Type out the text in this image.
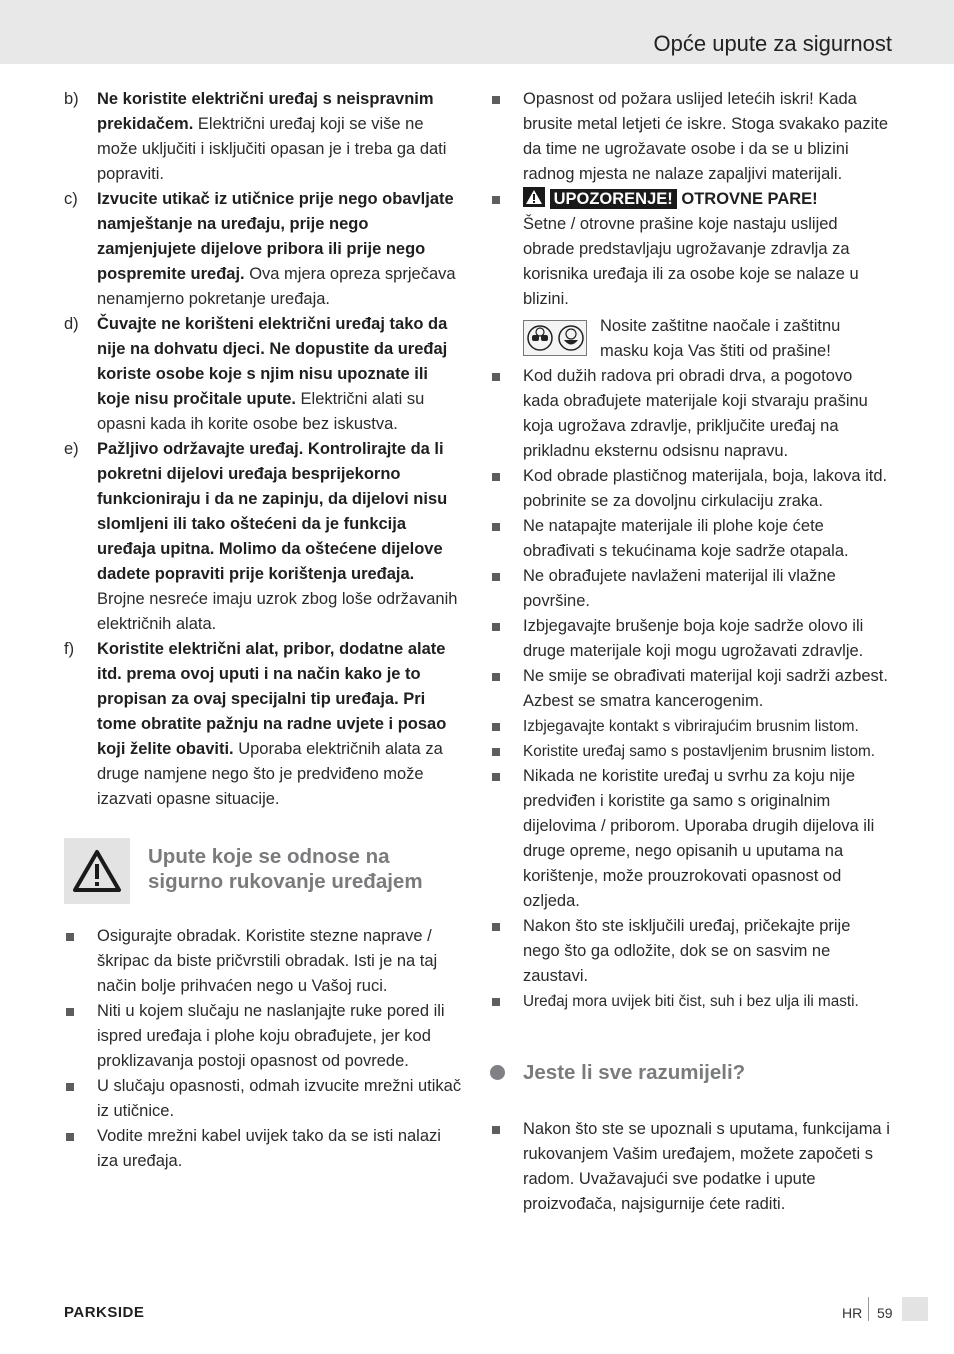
Opće upute za sigurnost
b) Ne koristite električni uređaj s neispravnim prekidačem. Električni uređaj koji se više ne može uključiti i isključiti opasan je i treba ga dati popraviti.
c) Izvucite utikač iz utičnice prije nego obavljate namještanje na uređaju, prije nego zamjenjujete dijelove pribora ili prije nego pospremite uređaj. Ova mjera opreza sprječava nenamjerno pokretanje uređaja.
d) Čuvajte ne korišteni električni uređaj tako da nije na dohvatu djeci. Ne dopustite da uređaj koriste osobe koje s njim nisu upoznate ili koje nisu pročitale upute. Električni alati su opasni kada ih korite osobe bez iskustva.
e) Pažljivo održavajte uređaj. Kontrolirajte da li pokretni dijelovi uređaja besprijekorno funkcioniraju i da ne zapinju, da dijelovi nisu slomljeni ili tako oštećeni da je funkcija uređaja upitna. Molimo da oštećene dijelove dadete popraviti prije korištenja uređaja. Brojne nesreće imaju uzrok zbog loše održavanih električnih alata.
f) Koristite električni alat, pribor, dodatne alate itd. prema ovoj uputi i na način kako je to propisan za ovaj specijalni tip uređaja. Pri tome obratite pažnju na radne uvjete i posao koji želite obaviti. Uporaba električnih alata za druge namjene nego što je predviđeno može izazvati opasne situacije.
Upute koje se odnose na sigurno rukovanje uređajem
Osigurajte obradak. Koristite stezne naprave / škripac da biste pričvrstili obradak. Isti je na taj način bolje prihvaćen nego u Vašoj ruci.
Niti u kojem slučaju ne naslanjajte ruke pored ili ispred uređaja i plohe koju obrađujete, jer kod proklizavanja postoji opasnost od povrede.
U slučaju opasnosti, odmah izvucite mrežni utikač iz utičnice.
Vodite mrežni kabel uvijek tako da se isti nalazi iza uređaja.
Opasnost od požara uslijed letećih iskri! Kada brusite metal letjeti će iskre. Stoga svakako pazite da time ne ugrožavate osobe i da se u blizini radnog mjesta ne nalaze zapaljivi materijali.
UPOZORENJE! OTROVNE PARE!
Šetne / otrovne prašine koje nastaju uslijed obrade predstavljaju ugrožavanje zdravlja za korisnika uređaja ili za osobe koje se nalaze u blizini.
Nosite zaštitne naočale i zaštitnu masku koja Vas štiti od prašine!
Kod dužih radova pri obradi drva, a pogotovo kada obrađujete materijale koji stvaraju prašinu koja ugrožava zdravlje, priključite uređaj na prikladnu eksternu odsisnu napravu.
Kod obrade plastičnog materijala, boja, lakova itd. pobrinite se za dovoljnu cirkulaciju zraka.
Ne natapajte materijale ili plohe koje ćete obrađivati s tekućinama koje sadrže otapala.
Ne obrađujete navlaženi materijal ili vlažne površine.
Izbjegavajte brušenje boja koje sadrže olovo ili druge materijale koji mogu ugrožavati zdravlje.
Ne smije se obrađivati materijal koji sadrži azbest. Azbest se smatra kancerogenim.
Izbjegavajte kontakt s vibrirajućim brusnim listom.
Koristite uređaj samo s postavljenim brusnim listom.
Nikada ne koristite uređaj u svrhu za koju nije predviđen i koristite ga samo s originalnim dijelovima / priborom. Uporaba drugih dijelova ili druge opreme, nego opisanih u uputama na korištenje, može prouzrokovati opasnost od ozljeda.
Nakon što ste isključili uređaj, pričekajte prije nego što ga odložite, dok se on sasvim ne zaustavi.
Uređaj mora uvijek biti čist, suh i bez ulja ili masti.
Jeste li sve razumijeli?
Nakon što ste se upoznali s uputama, funkcijama i rukovanjem Vašim uređajem, možete započeti s radom. Uvažavajući sve podatke i upute proizvođača, najsigurnije ćete raditi.
PARKSIDE	HR 59
